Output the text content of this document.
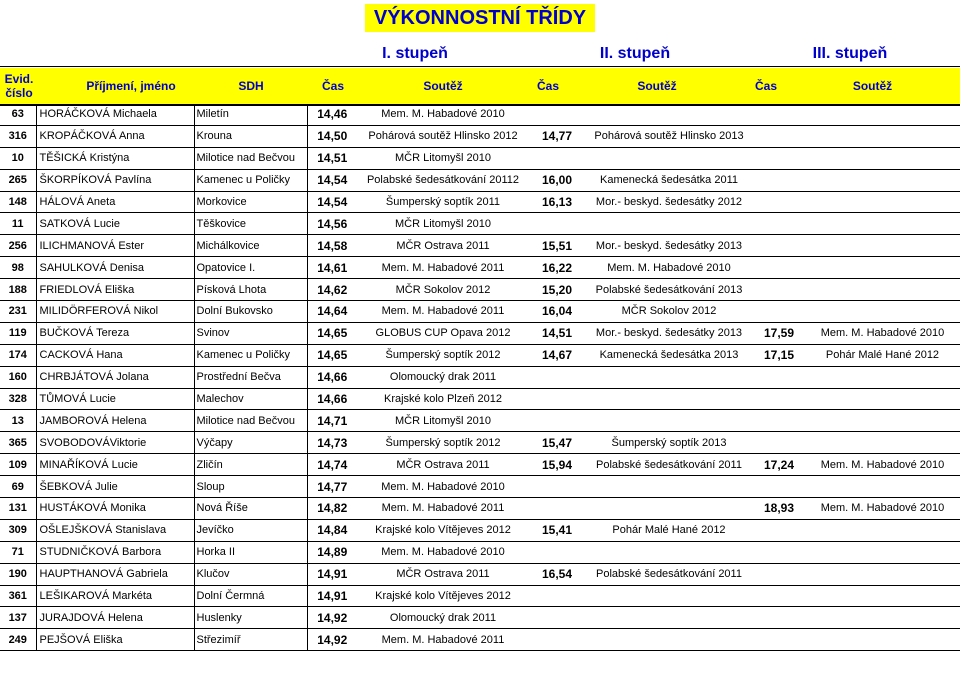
VÝKONNOSTNÍ TŘÍDY
I. stupeň	II. stupeň	III. stupeň
Evid. číslo	Příjmení, jméno	SDH	Čas	Soutěž	Čas	Soutěž	Čas	Soutěž
63	HORÁČKOVÁ Michaela	Miletín	14,46	Mem. M. Habadové 2010				
316	KROPÁČKOVÁ Anna	Krouna	14,50	Pohárová soutěž Hlinsko 2012	14,77	Pohárová soutěž Hlinsko 2013		
10	TĚŠICKÁ Kristýna	Milotice nad Bečvou	14,51	MČR Litomyšl 2010				
265	ŠKORPÍKOVÁ Pavlína	Kamenec u Poličky	14,54	Polabské šedesátkování 20112	16,00	Kamenecká šedesátka 2011		
148	HÁLOVÁ Aneta	Morkovice	14,54	Šumperský soptík 2011	16,13	Mor.- beskyd. šedesátky 2012		
11	SATKOVÁ Lucie	Těškovice	14,56	MČR Litomyšl 2010				
256	ILICHMANOVÁ Ester	Michálkovice	14,58	MČR Ostrava 2011	15,51	Mor.- beskyd. šedesátky 2013		
98	SAHULKOVÁ Denisa	Opatovice I.	14,61	Mem. M. Habadové 2011	16,22	Mem. M. Habadové 2010		
188	FRIEDLOVÁ Eliška	Písková Lhota	14,62	MČR Sokolov 2012	15,20	Polabské šedesátkování 2013		
231	MILIDÖRFEROVÁ Nikol	Dolní Bukovsko	14,64	Mem. M. Habadové 2011	16,04	MČR Sokolov 2012		
119	BUČKOVÁ Tereza	Svinov	14,65	GLOBUS CUP Opava 2012	14,51	Mor.- beskyd. šedesátky 2013	17,59	Mem. M. Habadové 2010
174	CACKOVÁ Hana	Kamenec u Poličky	14,65	Šumperský soptík 2012	14,67	Kamenecká šedesátka 2013	17,15	Pohár Malé Hané 2012
160	CHRBJÁTOVÁ Jolana	Prostřední Bečva	14,66	Olomoucký drak 2011				
328	TŮMOVÁ Lucie	Malechov	14,66	Krajské kolo Plzeň 2012				
13	JAMBOROVÁ Helena	Milotice nad Bečvou	14,71	MČR Litomyšl 2010				
365	SVOBODOVÁViktorie	Výčapy	14,73	Šumperský soptík 2012	15,47	Šumperský soptík 2013		
109	MINAŘÍKOVÁ Lucie	Zličín	14,74	MČR Ostrava 2011	15,94	Polabské šedesátkování 2011	17,24	Mem. M. Habadové 2010
69	ŠEBKOVÁ Julie	Sloup	14,77	Mem. M. Habadové 2010				
131	HUSTÁKOVÁ Monika	Nová Říše	14,82	Mem. M. Habadové 2011			18,93	Mem. M. Habadové 2010
309	OŠLEJŠKOVÁ Stanislava	Jevíčko	14,84	Krajské kolo Vítějeves 2012	15,41	Pohár Malé Hané 2012		
71	STUDNIČKOVÁ Barbora	Horka II	14,89	Mem. M. Habadové 2010				
190	HAUPTHANOVÁ Gabriela	Klučov	14,91	MČR Ostrava 2011	16,54	Polabské šedesátkování 2011		
361	LEŠIKAROVÁ Markéta	Dolní Čermná	14,91	Krajské kolo Vítějeves 2012				
137	JURAJDOVÁ Helena	Huslenky	14,92	Olomoucký drak 2011				
249	PEJŠOVÁ Eliška	Střezimíř	14,92	Mem. M. Habadové 2011				
